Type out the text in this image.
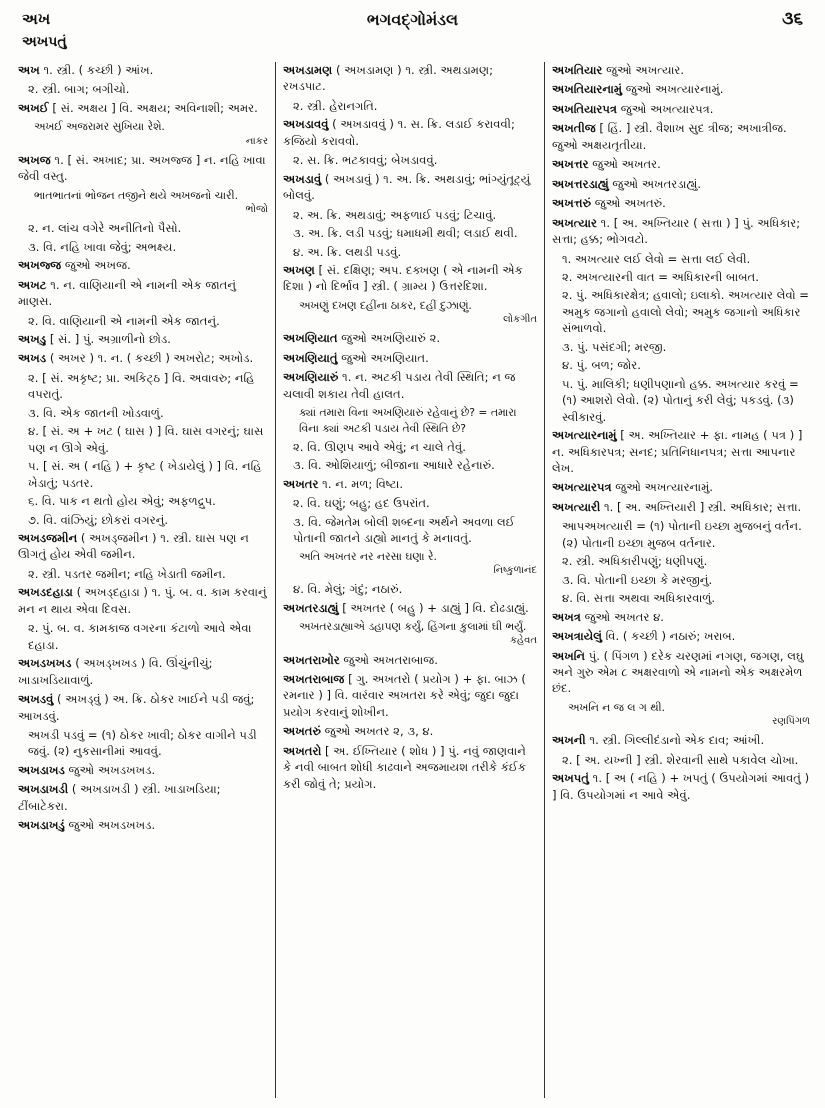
અખ
અખપતું
ભગવદ્ગોમંડલ	૩૬
અખ ૧. સ્ત્રી. ( કચ્છી ) આંખ.
૨. સ્ત્રી. બાગ; બગીચો.
અખઈ [ સં. અક્ષય ] વિ. અક્ષય; અવિનાશી; અમર.
અખઈ અજરામર સુખિયા રેશે.
નાકર
અખજ ૧. [ સં. અખાદ; પ્રા. અખજ્જ ] ન. નહિ ખાવા જેવી વસ્તુ.
ભાતભાતનાં ભોજન તજીને થયે અખજનો ચારી.
ભોજો
૨. ન. લાંચ વગેરે અનીતિનો પૈસો.
૩. વિ. નહિ ખાવા જેવું; અભક્ષ્ય.
અખજ્જ જુઓ અખજ.
અખટ ૧. ન. વાણિયાની એ નામની એક જાતનું માણસ.
૨. વિ. વાણિયાની એ નામની એક જાતનું.
અખડુ [ સં. ] પું. અગ્રાળીનો છોડ.
અખડ ( અખર ) ૧. ન. ( કચ્છી ) અખરોટ; અખોડ.
૨. [ સં. અકૃષ્ટ; પ્રા. અકિટ્ઠ ] વિ. અવાવરુ; નહિ વપરાતું.
૩. વિ. એક જાતની ખોડવાળું.
૪. [ સં. અ + ખટ ( ઘાસ ) ] વિ. ઘાસ વગરનું; ઘાસ પણ ન ઊગે એવું.
૫. [ સં. અ ( નહિ ) + કૃષ્ટ ( ખેડાયેલું ) ] વિ. નહિ ખેડાતું; પડતર.
૬. વિ. પાક ન થતો હોય એવું; અફળદ્રુપ.
૭. વિ. વાંઝિયું; છોકરાં વગરનું.
અખડજમીન ( અખડ્જમીન ) ૧. સ્ત્રી. ઘાસ પણ ન ઊગતું હોય એવી જમીન.
૨. સ્ત્રી. પડતર જમીન; નહિ ખેડાતી જમીન.
અખડદહાડા ( અખડ્દહાડા ) ૧. પું. બ. વ. કામ કરવાનું મન ન થાય એવા દિવસ.
૨. પું. બ. વ. કામકાજ વગરના કંટાળો આવે એવા દહાડા.
અખડખખડ ( અખડ્ખખડ ) વિ. ઊંચુંનીચું; ખાડાખડિયાવાળું.
અખડવું ( અખડ્વું ) અ. ક્રિ. ઠોકર ખાઈને પડી જવું; આખડવું.
અખડી પડવું = (૧) ઠોકર ખાવી; ઠોકર વાગીને પડી જવું. (૨) નુકસાનીમાં આવવું.
અખડાખડ જુઓ અખડખખડ.
અખડાખડી ( અખડાખડી ) સ્ત્રી. ખાડાખડિયા; ટીંબાટેકરા.
અખડાખડું જુઓ અખડખખડ.
અખડામણ ( અખડામણ ) ૧. સ્ત્રી. અથડામણ; રખડપાટ.
૨. સ્ત્રી. હેરાનગતિ.
અખડાવવું ( અખડાવવું ) ૧. સ. ક્રિ. લડાઈ કરાવવી; કજિયો કરાવવો.
૨. સ. ક્રિ. ભટકાવવું; બેખડાવવું.
અખડાવું ( અખડાવું ) ૧. અ. ક્રિ. અથડાવું; ભાંગ્યુંતૂટ્યું બોલવું.
૨. અ. ક્રિ. અથડાવું; અફળાઈ પડવું; ટિચાવું.
૩. અ. ક્રિ. લડી પડવું; ધમાધમી થવી; લડાઈ થવી.
૪. અ. ક્રિ. લથડી પડવું.
અખણ [ સં. દક્ષિણ; અપ. દક્ખણ ( એ નામની એક દિશા ) નો દિર્ભાવ ] સ્ત્રી. ( ગ્રામ્ય ) ઉત્તરદિશા.
અખણું દખણ દહીંના ઠાકર, દહીં દુઝાણું.
લોકગીત
અખણિયાત જુઓ અખણિયારું ૨.
અખણિયાતું જુઓ અખણિયાત.
અખણિયારું ૧. ન. અટકી પડાય તેવી સ્થિતિ; ન જ ચલાવી શકાય તેવી હાલત.
ક્યાં તમારા વિના અખણિયારું રહેવાનું છે? = તમારા વિના ક્યાં અટકી પડાય તેવી સ્થિતિ છે?
૨. વિ. ઊણપ આવે એવું; ન ચાલે તેવું.
૩. વિ. ઓશિયાળું; બીજાના આધારે રહેનારું.
અખતર ૧. ન. મળ; વિષ્ટા.
૨. વિ. ઘણું; બહુ; હદ ઉપરાંત.
૩. વિ. જેમતેમ બોલી શબ્દના અર્થને અવળા લઈ પોતાની જાતને ડાહ્યો માનતું કે મનાવતું.
અતિ અખતર નર નરસા ઘણા રે.
નિષ્કુળાનંદ
૪. વિ. મેલું; ગંદું; નઠારું.
અખતરડાહ્યું [ અખતર ( બહુ ) + ડાહ્યું ] વિ. દોઢડાહ્યું.
અખતરડાહ્યાએ ડહાપણ કર્યું, હિંગના કુલામાં ઘી ભર્યું.
કહેવત
અખતરાખોર જુઓ અખતરાબાજ.
અખતરાબાજ [ ગુ. અખતરો ( પ્રયોગ ) + ફા. બાઝ ( રમનાર ) ] વિ. વારંવાર અખતરા કરે એવું; જુદા જુદા પ્રયોગ કરવાનું શોખીન.
અખતરું જુઓ અખતર ૨, ૩, ૪.
અખતરો [ અ. ઈખ્તિયાર ( શોધ ) ] પું. નવું જાણવાને કે નવી બાબત શોધી કાઢવાને અજમાયશ તરીકે કંઈક કરી જોવું તે; પ્રયોગ.
અખતિયાર જુઓ અખત્યાર.
અખતિયારનામું જુઓ અખત્યારનામું.
અખતિયારપત્ર જુઓ અખત્યારપત્ર.
અખતીજ [ હિં. ] સ્ત્રી. વૈશાખ સુદ ત્રીજ; અખાત્રીજ. જુઓ અક્ષયતૃતીયા.
અખત્તર જુઓ અખતર.
અખત્તરડાહ્યું જુઓ અખતરડાહ્યું.
અખત્તરું જુઓ અખતરું.
અખત્યાર ૧. [ અ. અખ્તિયાર ( સત્તા ) ] પું. અધિકાર; સત્તા; હક્ક; ભોગવટો.
૧. અખત્યાર લઈ લેવો = સત્તા લઈ લેવી.
૨. અખત્યારની વાત = અધિકારની બાબત.
૨. પું. અધિકારક્ષેત્ર; હવાલો; ઇલાકો. અખત્યાર લેવો = અમુક જગાનો હવાલો લેવો; અમુક જગાનો અધિકાર સંભાળવો.
૩. પું. પસંદગી; મરજી.
૪. પું. બળ; જોર.
૫. પું. માલિકી; ધણીપણાનો હક્ક. અખત્યાર કરવું = (૧) આશરો લેવો. (૨) પોતાનું કરી લેવું; પકડવું. (૩) સ્વીકારવું.
અખત્યારનામું [ અ. અખ્તિયાર + ફા. નામહ ( પત્ર ) ] ન. અધિકારપત્ર; સનદ; પ્રતિનિધાનપત્ર; સત્તા આપનાર લેખ.
અખત્યારપત્ર જુઓ અખત્યારનામું.
અખત્યારી ૧. [ અ. અખ્તિયારી ] સ્ત્રી. અધિકાર; સત્તા.
આપઅખત્યારી = (૧) પોતાની ઇચ્છા મુજબનું વર્તન. (૨) પોતાની ઇચ્છા મુજબ વર્તનાર.
૨. સ્ત્રી. અધિકારીપણું; ધણીપણું.
૩. વિ. પોતાની ઇચ્છા કે મરજીનું.
૪. વિ. સત્તા અથવા અધિકારવાળું.
અખત્ર જુઓ અખતર ૪.
અખત્રાયેલું વિ. ( કચ્છી ) નઠારું; ખરાબ.
અખનિ પું. ( પિંગળ ) દરેક ચરણમાં નગણ, જગણ, લઘુ અને ગુરુ એમ ૮ અક્ષરવાળો એ નામનો એક અક્ષરમેળ છંદ.
અખનિ ન જ લ ગ થી.
રણપિંગળ
અખની ૧. સ્ત્રી. ગિલ્લીદંડાનો એક દાવ; આંખી.
૨. [ અ. યખ્ની ] સ્ત્રી. શેરવાની સાથે પકાવેલ ચોખા.
અખપતું ૧. [ અ ( નહિ ) + ખપતું ( ઉપયોગમાં આવતું ) ] વિ. ઉપયોગમાં ન આવે એવું.
